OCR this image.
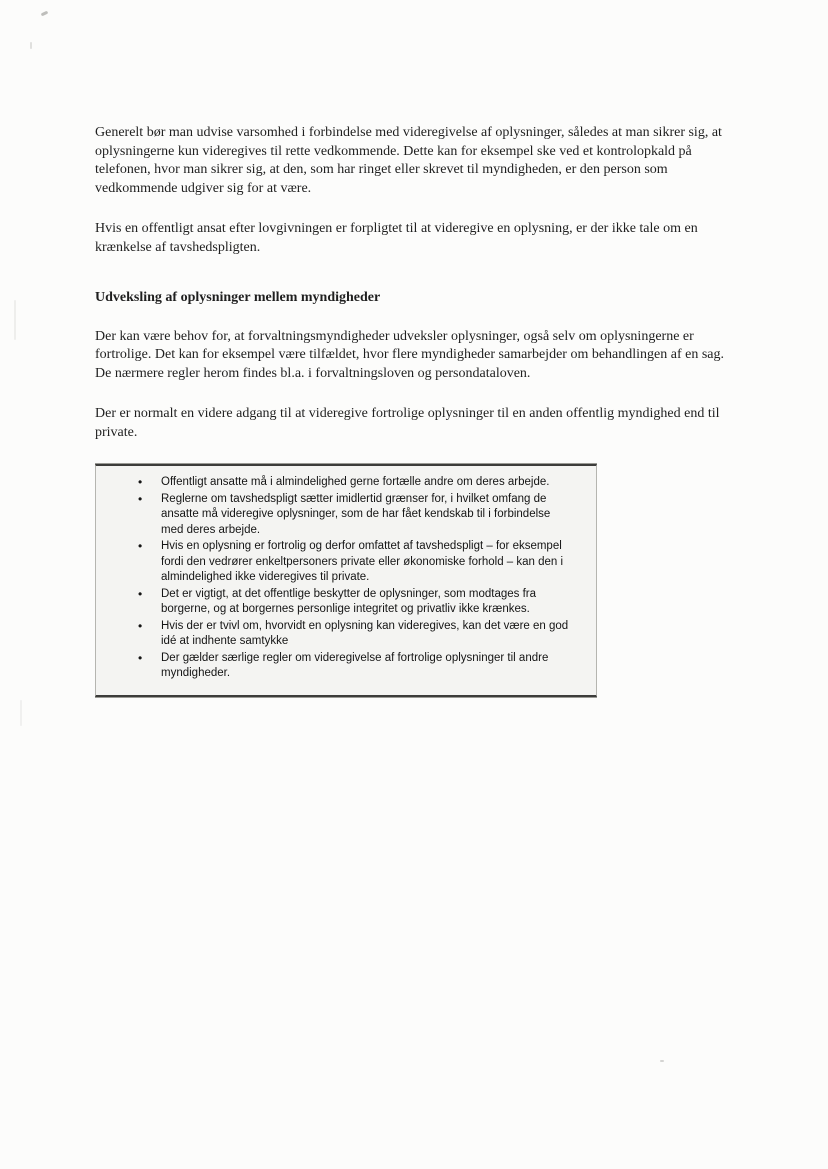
Generelt bør man udvise varsomhed i forbindelse med videregivelse af oplysninger, således at man sikrer sig, at oplysningerne kun videregives til rette vedkommende. Dette kan for eksempel ske ved et kontrolopkald på telefonen, hvor man sikrer sig, at den, som har ringet eller skrevet til myndigheden, er den person som vedkommende udgiver sig for at være.

Hvis en offentligt ansat efter lovgivningen er forpligtet til at videregive en oplysning, er der ikke tale om en krænkelse af tavshedspligten.

Udveksling af oplysninger mellem myndigheder

Der kan være behov for, at forvaltningsmyndigheder udveksler oplysninger, også selv om oplysningerne er fortrolige. Det kan for eksempel være tilfældet, hvor flere myndigheder samarbejder om behandlingen af en sag. De nærmere regler herom findes bl.a. i forvaltningsloven og persondataloven.

Der er normalt en videre adgang til at videregive fortrolige oplysninger til en anden offentlig myndighed end til private.

• Offentligt ansatte må i almindelighed gerne fortælle andre om deres arbejde.
• Reglerne om tavshedspligt sætter imidlertid grænser for, i hvilket omfang de ansatte må videregive oplysninger, som de har fået kendskab til i forbindelse med deres arbejde.
• Hvis en oplysning er fortrolig og derfor omfattet af tavshedspligt – for eksempel fordi den vedrører enkeltpersoners private eller økonomiske forhold – kan den i almindelighed ikke videregives til private.
• Det er vigtigt, at det offentlige beskytter de oplysninger, som modtages fra borgerne, og at borgernes personlige integritet og privatliv ikke krænkes.
• Hvis der er tvivl om, hvorvidt en oplysning kan videregives, kan det være en god idé at indhente samtykke
• Der gælder særlige regler om videregivelse af fortrolige oplysninger til andre myndigheder.
